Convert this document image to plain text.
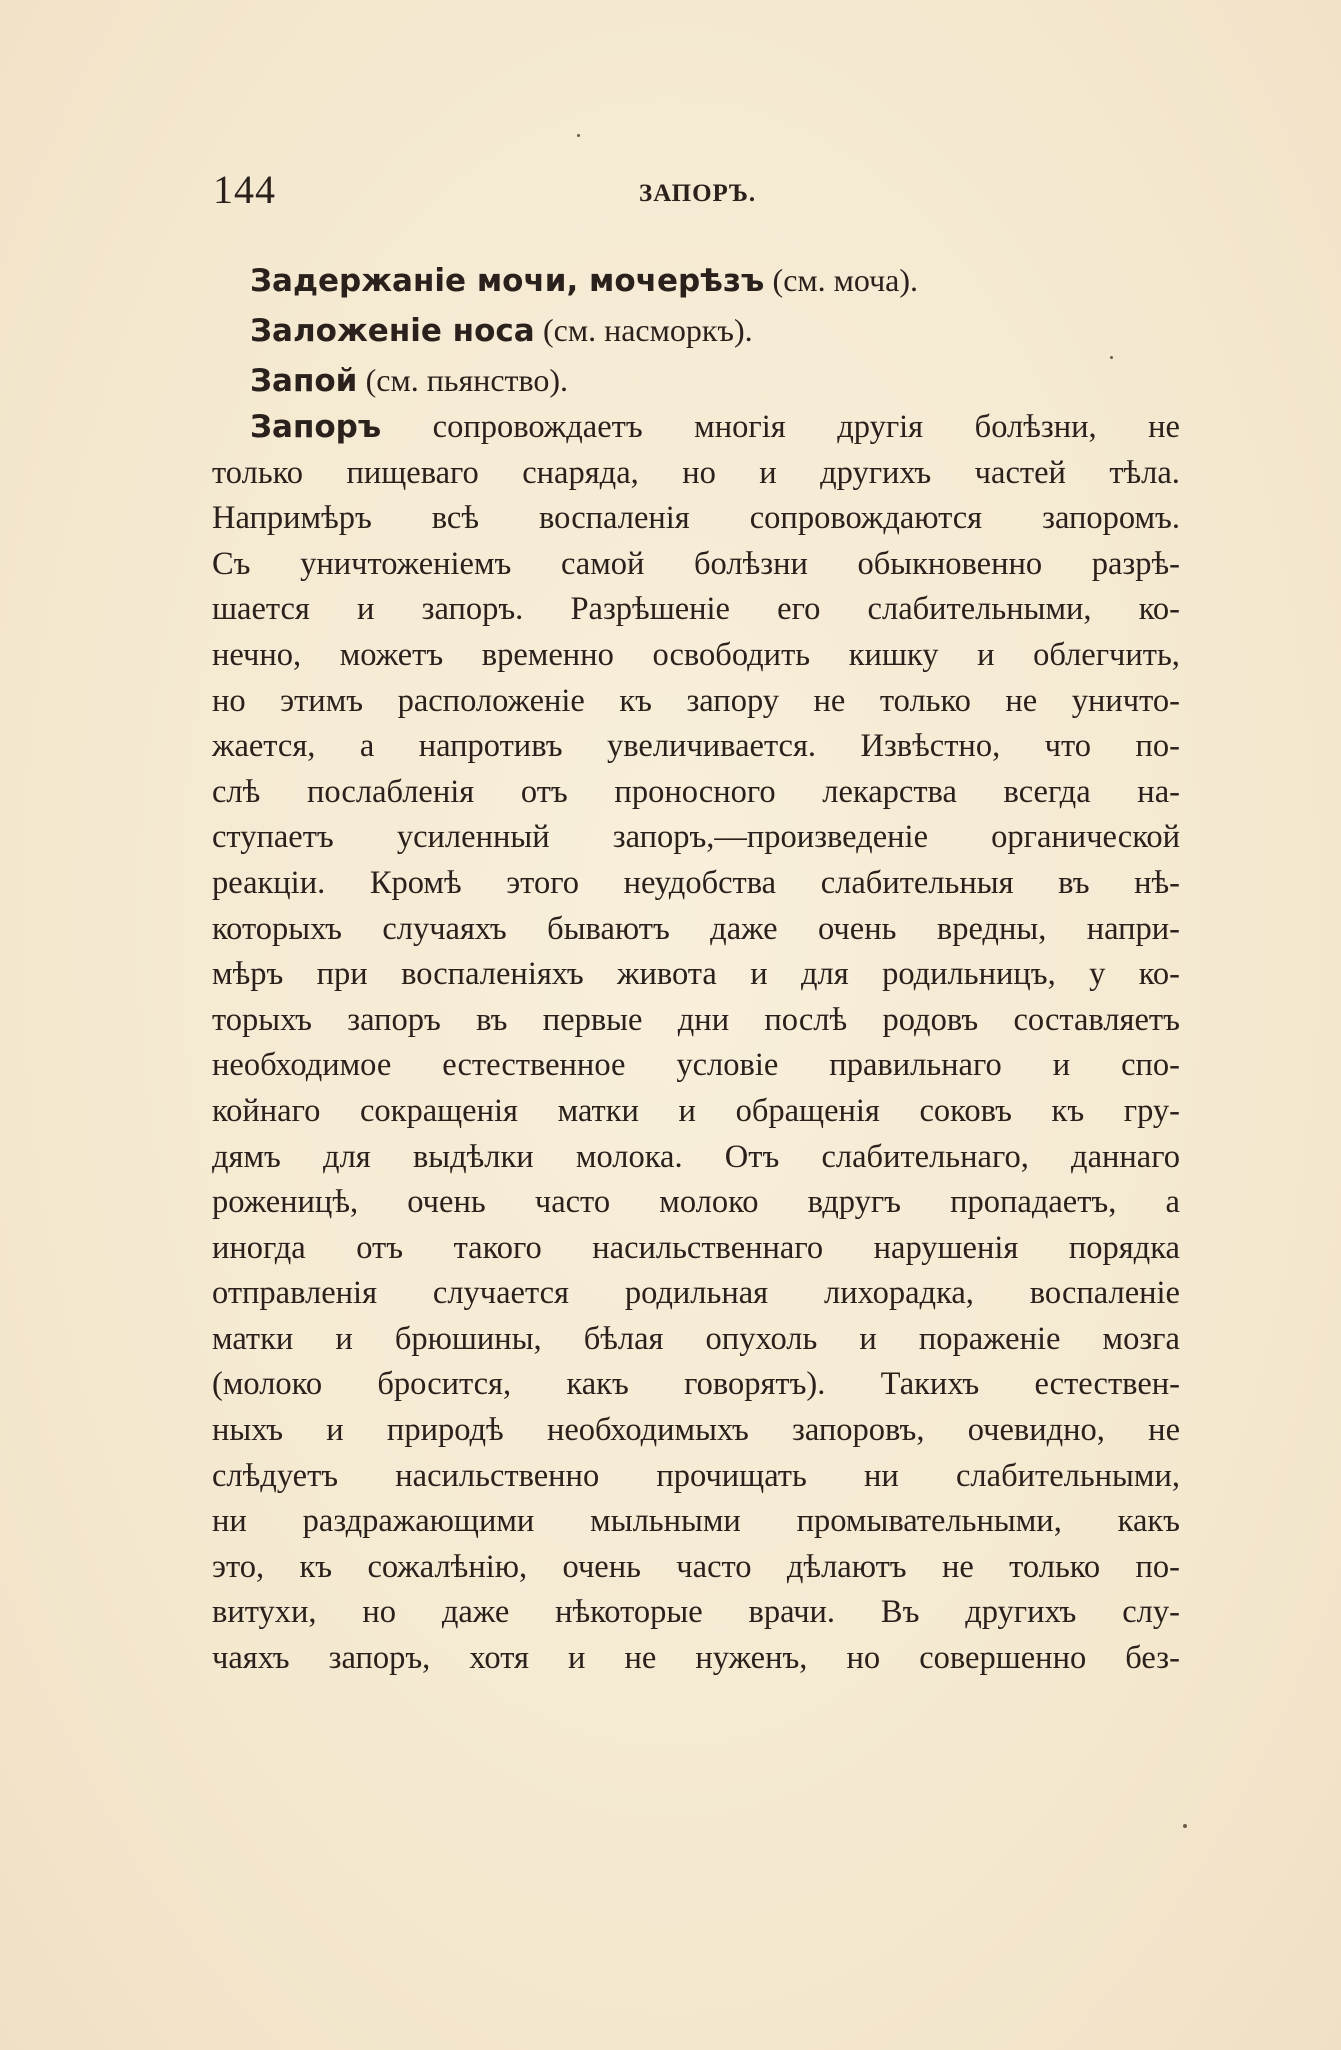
144	ЗАПОРЪ.
Задержаніе мочи, мочерѣзъ (см. моча).
Заложеніе носа (см. насморкъ).
Запой (см. пьянство).
Запоръ сопровождаетъ многія другія болѣзни, не
только пищеваго снаряда, но и другихъ частей тѣла.
Напримѣръ всѣ воспаленія сопровождаются запоромъ.
Съ уничтоженіемъ самой болѣзни обыкновенно разрѣ-
шается и запоръ. Разрѣшеніе его слабительными, ко-
нечно, можетъ временно освободить кишку и облегчить,
но этимъ расположеніе къ запору не только не уничто-
жается, а напротивъ увеличивается. Извѣстно, что по-
слѣ послабленія отъ проносного лекарства всегда на-
ступаетъ усиленный запоръ,—произведеніе органической
реакціи. Кромѣ этого неудобства слабительныя въ нѣ-
которыхъ случаяхъ бываютъ даже очень вредны, напри-
мѣръ при воспаленіяхъ живота и для родильницъ, у ко-
торыхъ запоръ въ первые дни послѣ родовъ составляетъ
необходимое естественное условіе правильнаго и спо-
койнаго сокращенія матки и обращенія соковъ къ гру-
дямъ для выдѣлки молока. Отъ слабительнаго, даннаго
роженицѣ, очень часто молоко вдругъ пропадаетъ, а
иногда отъ такого насильственнаго нарушенія порядка
отправленія случается родильная лихорадка, воспаленіе
матки и брюшины, бѣлая опухоль и пораженіе мозга
(молоко бросится, какъ говорятъ). Такихъ естествен-
ныхъ и природѣ необходимыхъ запоровъ, очевидно, не
слѣдуетъ насильственно прочищать ни слабительными,
ни раздражающими мыльными промывательными, какъ
это, къ сожалѣнію, очень часто дѣлаютъ не только по-
витухи, но даже нѣкоторые врачи. Въ другихъ слу-
чаяхъ запоръ, хотя и не нуженъ, но совершенно без-
